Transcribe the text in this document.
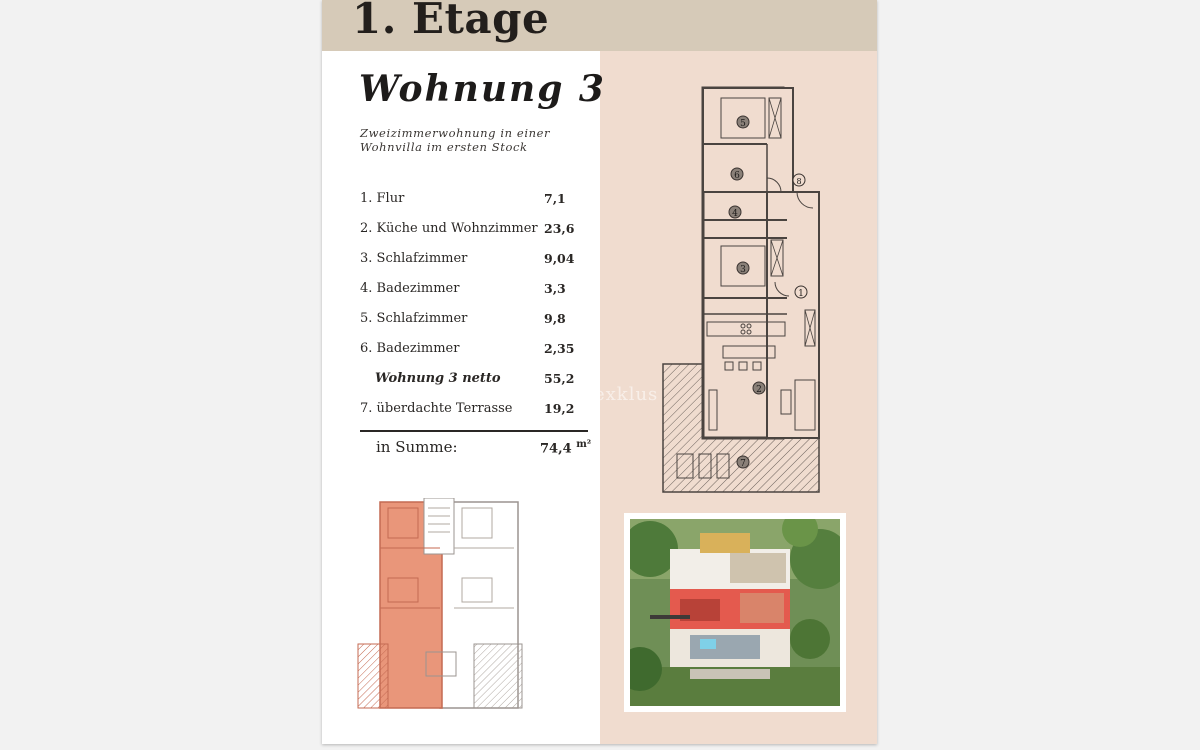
1. Etage
Wohnung 3
Zweizimmerwohnung in einer
Wohnvilla im ersten Stock
1. Flur	7,1
2. Küche und Wohnzimmer 23,6
3. Schlafzimmer	9,04
4. Badezimmer	3,3
5. Schlafzimmer	9,8
6. Badezimmer	2,35
Wohnung 3 netto	55,2
7. überdachte Terrasse	19,2
in Summe:	74,4 $^{m^2}$
5
6
8
4
3
1
2
7
exklus
